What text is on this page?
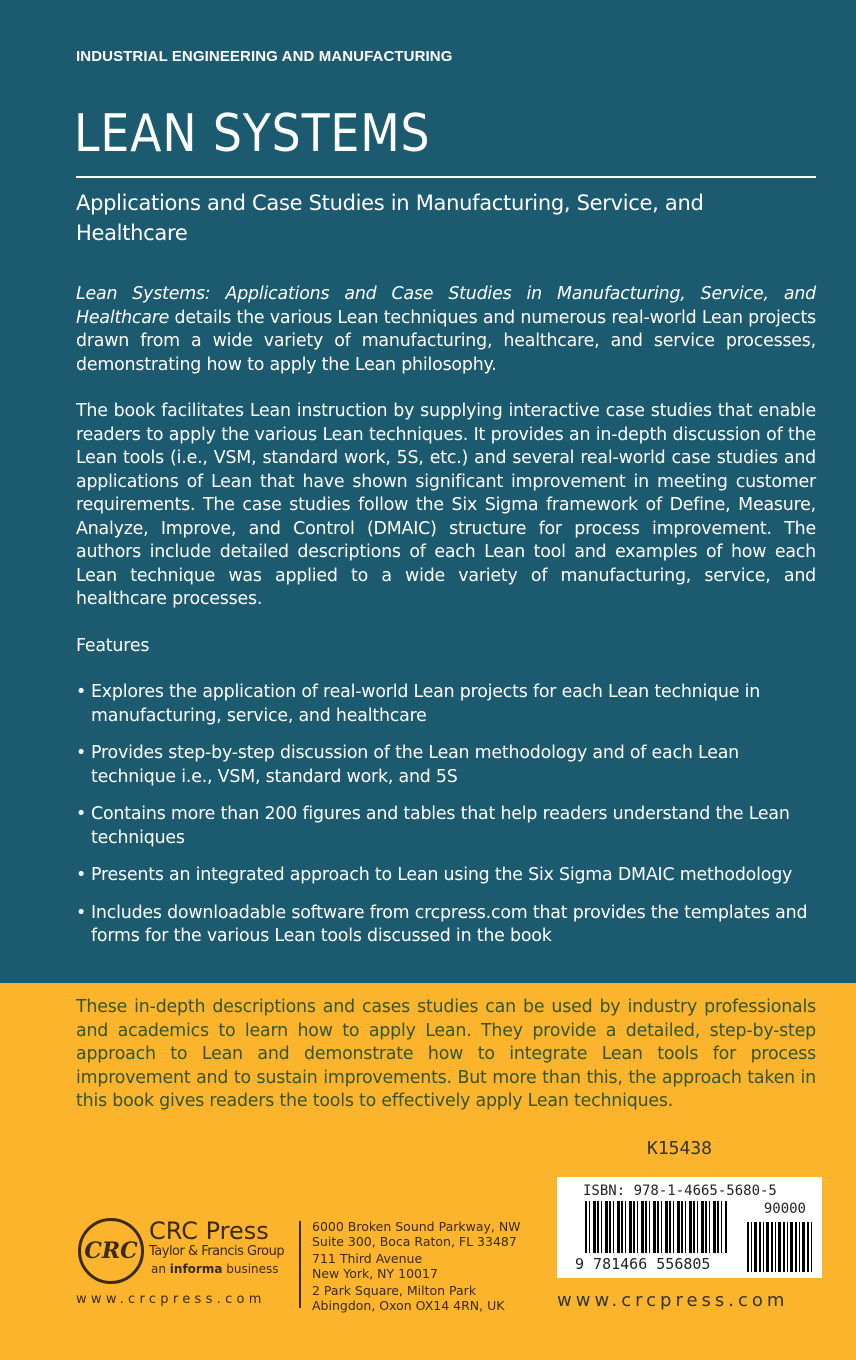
INDUSTRIAL ENGINEERING AND MANUFACTURING
LEAN SYSTEMS
Applications and Case Studies in Manufacturing, Service, and Healthcare

Lean Systems: Applications and Case Studies in Manufacturing, Service, and Healthcare details the various Lean techniques and numerous real-world Lean projects drawn from a wide variety of manufacturing, healthcare, and service processes, demonstrating how to apply the Lean philosophy.

The book facilitates Lean instruction by supplying interactive case studies that enable readers to apply the various Lean techniques. It provides an in-depth discussion of the Lean tools (i.e., VSM, standard work, 5S, etc.) and several real-world case studies and applications of Lean that have shown significant improvement in meeting customer requirements. The case studies follow the Six Sigma framework of Define, Measure, Analyze, Improve, and Control (DMAIC) structure for process improvement. The authors include detailed descriptions of each Lean tool and examples of how each Lean technique was applied to a wide variety of manufacturing, service, and healthcare processes.

Features
• Explores the application of real-world Lean projects for each Lean technique in manufacturing, service, and healthcare
• Provides step-by-step discussion of the Lean methodology and of each Lean technique i.e., VSM, standard work, and 5S
• Contains more than 200 figures and tables that help readers understand the Lean techniques
• Presents an integrated approach to Lean using the Six Sigma DMAIC methodology
• Includes downloadable software from crcpress.com that provides the templates and forms for the various Lean tools discussed in the book
These in-depth descriptions and cases studies can be used by industry professionals and academics to learn how to apply Lean. They provide a detailed, step-by-step approach to Lean and demonstrate how to integrate Lean tools for process improvement and to sustain improvements. But more than this, the approach taken in this book gives readers the tools to effectively apply Lean techniques.
CRC
CRC Press
Taylor & Francis Group
an informa business
www.crcpress.com
6000 Broken Sound Parkway, NW
Suite 300, Boca Raton, FL 33487
711 Third Avenue
New York, NY 10017
2 Park Square, Milton Park
Abingdon, Oxon OX14 4RN, UK
K15438
ISBN: 978-1-4665-5680-5
90000
9 781466 556805
www.crcpress.com
